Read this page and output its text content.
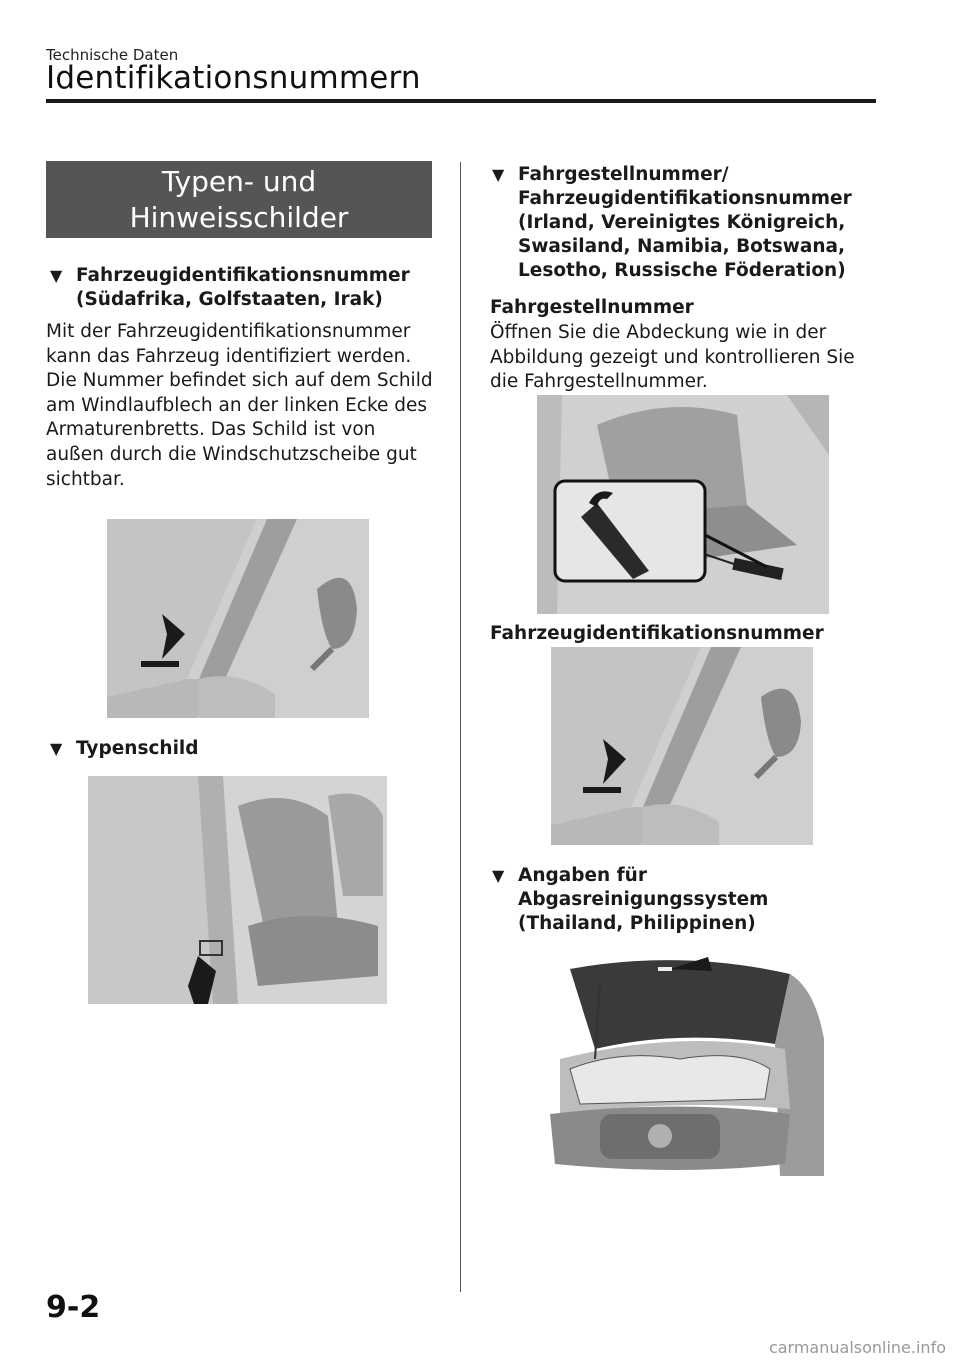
Technische Daten
Identifikationsnummern
Typen- und
Hinweisschilder
▼ Fahrzeugidentifikationsnummer (Südafrika, Golfstaaten, Irak)
Mit der Fahrzeugidentifikationsnummer kann das Fahrzeug identifiziert werden. Die Nummer befindet sich auf dem Schild am Windlaufblech an der linken Ecke des Armaturenbretts. Das Schild ist von außen durch die Windschutzscheibe gut sichtbar.
▼ Typenschild
▼ Fahrgestellnummer/ Fahrzeugidentifikationsnummer (Irland, Vereinigtes Königreich, Swasiland, Namibia, Botswana, Lesotho, Russische Föderation)
Fahrgestellnummer
Öffnen Sie die Abdeckung wie in der Abbildung gezeigt und kontrollieren Sie die Fahrgestellnummer.
Fahrzeugidentifikationsnummer
▼ Angaben für Abgasreinigungssystem (Thailand, Philippinen)
9-2
carmanualsonline.info
